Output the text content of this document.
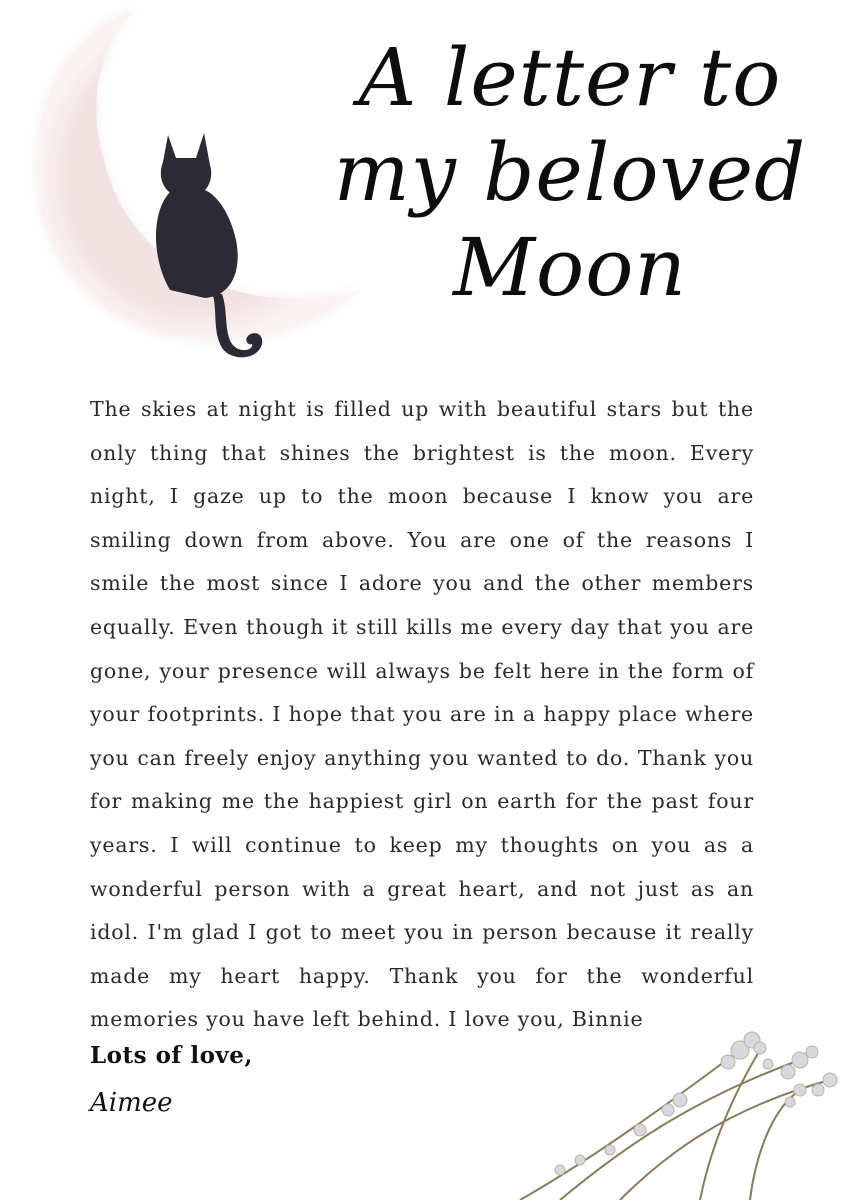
A letter to
my beloved
Moon
The skies at night is filled up with beautiful stars but the only thing that shines the brightest is the moon. Every night, I gaze up to the moon because I know you are smiling down from above. You are one of the reasons I smile the most since I adore you and the other members equally. Even though it still kills me every day that you are gone, your presence will always be felt here in the form of your footprints. I hope that you are in a happy place where you can freely enjoy anything you wanted to do. Thank you for making me the happiest girl on earth for the past four years. I will continue to keep my thoughts on you as a wonderful person with a great heart, and not just as an idol. I'm glad I got to meet you in person because it really made my heart happy. Thank you for the wonderful memories you have left behind. I love you, Binnie
Lots of love,
Aimee
